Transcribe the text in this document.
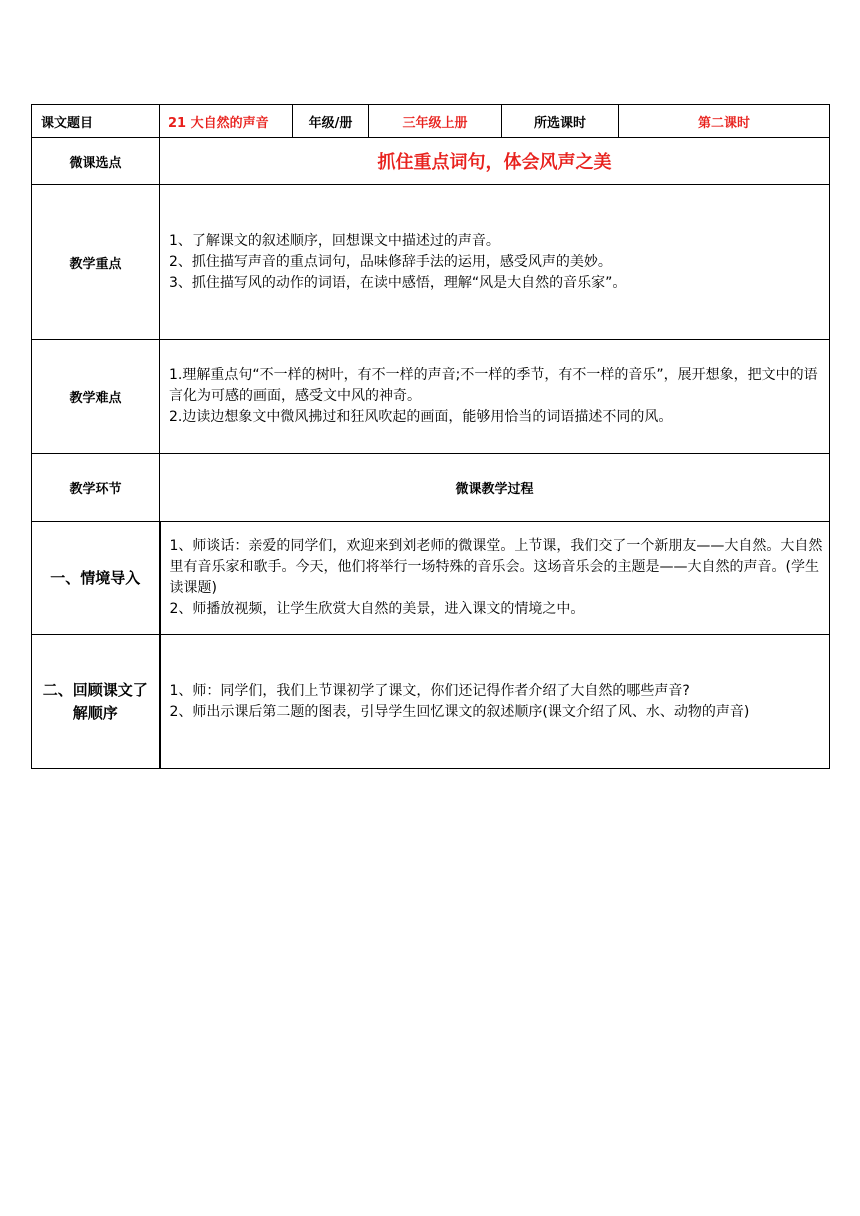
课文题目	21 大自然的声音	年级/册	三年级上册	所选课时	第二课时
微课选点	抓住重点词句，体会风声之美				
教学重点	1、了解课文的叙述顺序，回想课文中描述过的声音。

2、抓住描写声音的重点词句，品味修辞手法的运用，感受风声的美妙。

3、抓住描写风的动作的词语，在读中感悟，理解“风是大自然的音乐家”。				

教学难点	1.理解重点句“不一样的树叶，有不一样的声音;不一样的季节，有不一样的音乐”，展开想象，把文中的语言化为可感的画面，感受文中风的神奇。

2.边读边想象文中微风拂过和狂风吹起的画面，能够用恰当的词语描述不同的风。				

教学环节	微课教学过程				
一、情境导入	1、师谈话：亲爱的同学们，欢迎来到刘老师的微课堂。上节课，我们交了一个新朋友——大自然。大自然里有音乐家和歌手。今天，他们将举行一场特殊的音乐会。这场音乐会的主题是——大自然的声音。(学生读课题)

2、师播放视频，让学生欣赏大自然的美景，进入课文的情境之中。				

二、回顾课文了解顺序	1、师：同学们，我们上节课初学了课文，你们还记得作者介绍了大自然的哪些声音?

2、师出示课后第二题的图表，引导学生回忆课文的叙述顺序(课文介绍了风、水、动物的声音)				
